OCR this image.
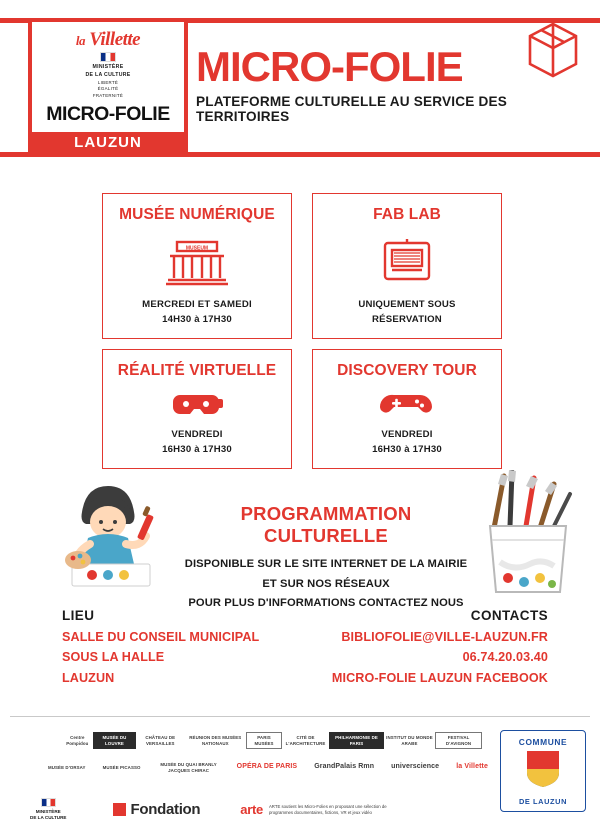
la Villette
MINISTÈRE
DE LA CULTURE
LIBERTÉ
ÉGALITÉ
FRATERNITÉ
MICRO-FOLIE
LAUZUN
MICRO-FOLIE
PLATEFORME CULTURELLE AU SERVICE DES TERRITOIRES
MUSÉE NUMÉRIQUE
MUSEUM
MERCREDI ET SAMEDI
14H30 à 17H30
FAB LAB
UNIQUEMENT SOUS
RÉSERVATION
RÉALITÉ VIRTUELLE
VENDREDI
16H30 à 17H30
DISCOVERY TOUR
VENDREDI
16H30 à 17H30
PROGRAMMATION CULTURELLE
DISPONIBLE SUR LE SITE INTERNET DE LA MAIRIE
ET SUR NOS RÉSEAUX
POUR PLUS D'INFORMATIONS CONTACTEZ NOUS
LIEU
SALLE DU CONSEIL MUNICIPAL
SOUS LA HALLE
LAUZUN
CONTACTS
BIBLIOFOLIE@VILLE-LAUZUN.FR
06.74.20.03.40
MICRO-FOLIE LAUZUN FACEBOOK
Centre Pompidou
MUSÉE DU LOUVRE
CHÂTEAU DE VERSAILLES
RÉUNION DES MUSÉES NATIONAUX
PARIS MUSÉES
CITÉ DE L'ARCHITECTURE
PHILHARMONIE DE PARIS
INSTITUT DU MONDE ARABE
FESTIVAL D'AVIGNON
MUSÉE D'ORSAY	MUSÉE PICASSO
MUSÉE DU QUAI BRANLY JACQUES CHIRAC	OPÉRA DE PARIS GrandPalais Rmn universcience la Villette
MINISTÈRE
DE LA CULTURE	Fondation	arte ARTE soutient les Micro-Folies en proposant une sélection de programmes documentaires, fictions, VR et jeux vidéo
COMMUNE
DE LAUZUN
